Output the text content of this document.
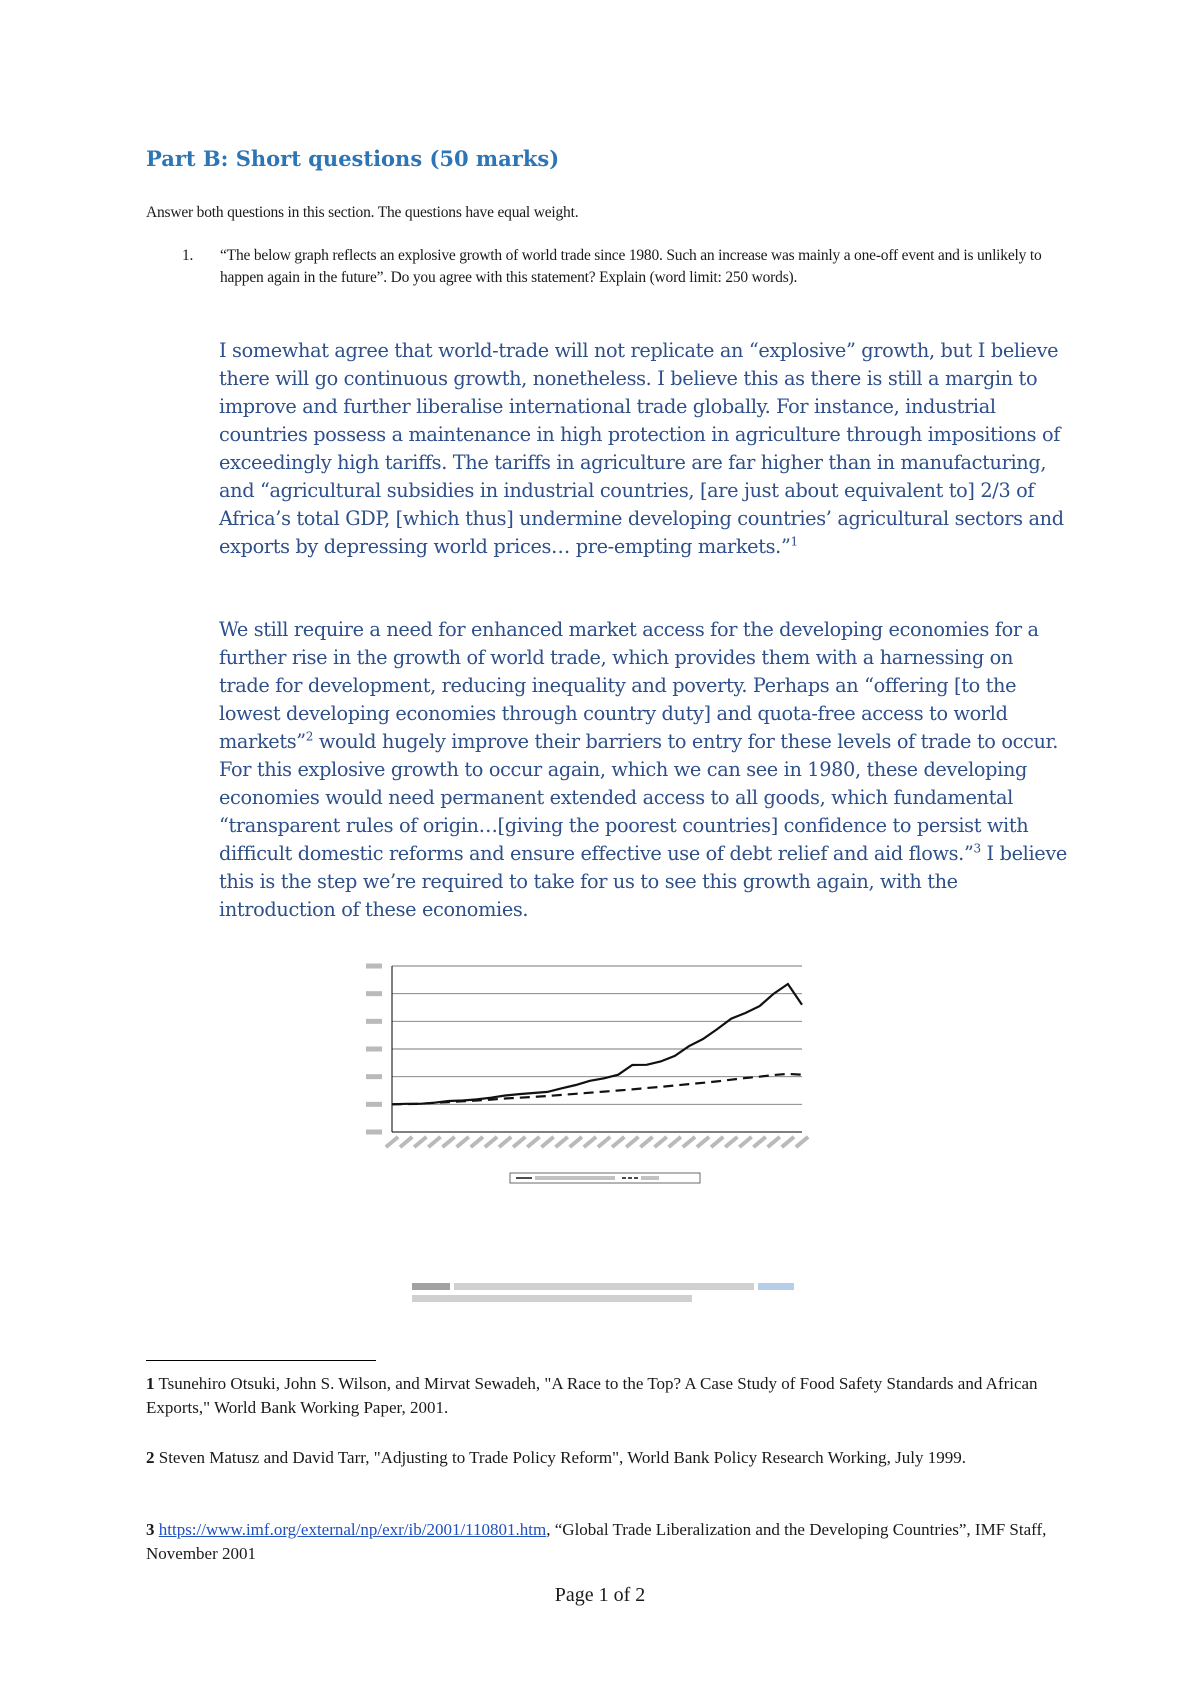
Part B: Short questions (50 marks)

Answer both questions in this section. The questions have equal weight.

1. “The below graph reflects an explosive growth of world trade since 1980. Such an increase was mainly a one-off event and is unlikely to happen again in the future”. Do you agree with this statement? Explain (word limit: 250 words).

I somewhat agree that world-trade will not replicate an “explosive” growth, but I believe there will go continuous growth, nonetheless. I believe this as there is still a margin to improve and further liberalise international trade globally. For instance, industrial countries possess a maintenance in high protection in agriculture through impositions of exceedingly high tariffs. The tariffs in agriculture are far higher than in manufacturing, and “agricultural subsidies in industrial countries, [are just about equivalent to] 2/3 of Africa’s total GDP, [which thus] undermine developing countries’ agricultural sectors and exports by depressing world prices… pre-empting markets.”$^1$

We still require a need for enhanced market access for the developing economies for a further rise in the growth of world trade, which provides them with a harnessing on trade for development, reducing inequality and poverty. Perhaps an “offering [to the lowest developing economies through country duty] and quota-free access to world markets”$^2$ would hugely improve their barriers to entry for these levels of trade to occur. For this explosive growth to occur again, which we can see in 1980, these developing economies would need permanent extended access to all goods, which fundamental “transparent rules of origin…[giving the poorest countries] confidence to persist with difficult domestic reforms and ensure effective use of debt relief and aid flows.”$^3$ I believe this is the step we’re required to take for us to see this growth again, with the introduction of these economies.

1 Tsunehiro Otsuki, John S. Wilson, and Mirvat Sewadeh, "A Race to the Top? A Case Study of Food Safety Standards and African Exports," World Bank Working Paper, 2001.

2 Steven Matusz and David Tarr, "Adjusting to Trade Policy Reform", World Bank Policy Research Working, July 1999.

3 https://www.imf.org/external/np/exr/ib/2001/110801.htm, “Global Trade Liberalization and the Developing Countries”, IMF Staff, November 2001

Page 1 of 2
